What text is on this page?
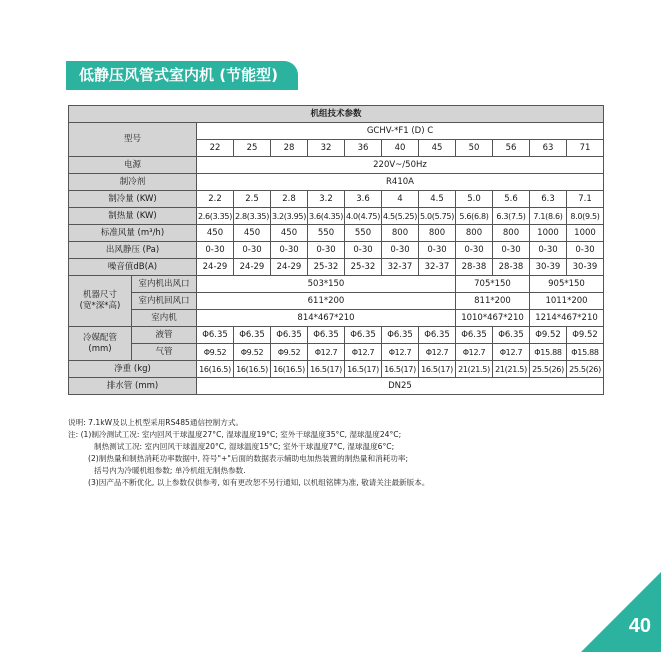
低静压风管式室内机 (节能型)
机组技术参数												
型号		GCHV-*F1 (D) C										
		22	25	28	32	36	40	45	50	56	63	71
电源		220V~/50Hz										
制冷剂		R410A										
制冷量 (KW)		2.2	2.5	2.8	3.2	3.6	4	4.5	5.0	5.6	6.3	7.1
制热量 (KW)		2.6(3.35)	2.8(3.35)	3.2(3.95)	3.6(4.35)	4.0(4.75)	4.5(5.25)	5.0(5.75)	5.6(6.8)	6.3(7.5)	7.1(8.6)	8.0(9.5)
标准风量 (m³/h)		450	450	450	550	550	800	800	800	800	1000	1000
出风静压 (Pa)		0-30	0-30	0-30	0-30	0-30	0-30	0-30	0-30	0-30	0-30	0-30
噪音值dB(A)		24-29	24-29	24-29	25-32	25-32	32-37	32-37	28-38	28-38	30-39	30-39
机器尺寸
(宽*深*高)	室内机出风口	503*150							705*150		905*150	
	室内机回风口	611*200							811*200		1011*200	
	室内机	814*467*210							1010*467*210		1214*467*210	
冷媒配管
(mm)	液管	Φ6.35	Φ6.35	Φ6.35	Φ6.35	Φ6.35	Φ6.35	Φ6.35	Φ6.35	Φ6.35	Φ9.52	Φ9.52
	气管	Φ9.52	Φ9.52	Φ9.52	Φ12.7	Φ12.7	Φ12.7	Φ12.7	Φ12.7	Φ12.7	Φ15.88	Φ15.88
净重 (kg)		16(16.5)	16(16.5)	16(16.5)	16.5(17)	16.5(17)	16.5(17)	16.5(17)	21(21.5)	21(21.5)	25.5(26)	25.5(26)
排水管 (mm)		DN25										
说明: 7.1kW及以上机型采用RS485通信控制方式。
注: (1)制冷测试工况: 室内回风干球温度27°C, 湿球温度19°C; 室外干球温度35°C, 湿球温度24°C;
制热测试工况: 室内回风干球温度20°C, 湿球温度15°C; 室外干球温度7°C, 湿球温度6°C;
(2)制热量和制热消耗功率数据中, 符号"+"后面的数据表示辅助电加热装置的制热量和消耗功率;
括号内为冷暖机组参数; 单冷机组无制热参数.
(3)因产品不断优化, 以上参数仅供参考, 如有更改恕不另行通知, 以机组铭牌为准, 敬请关注最新版本。
40
